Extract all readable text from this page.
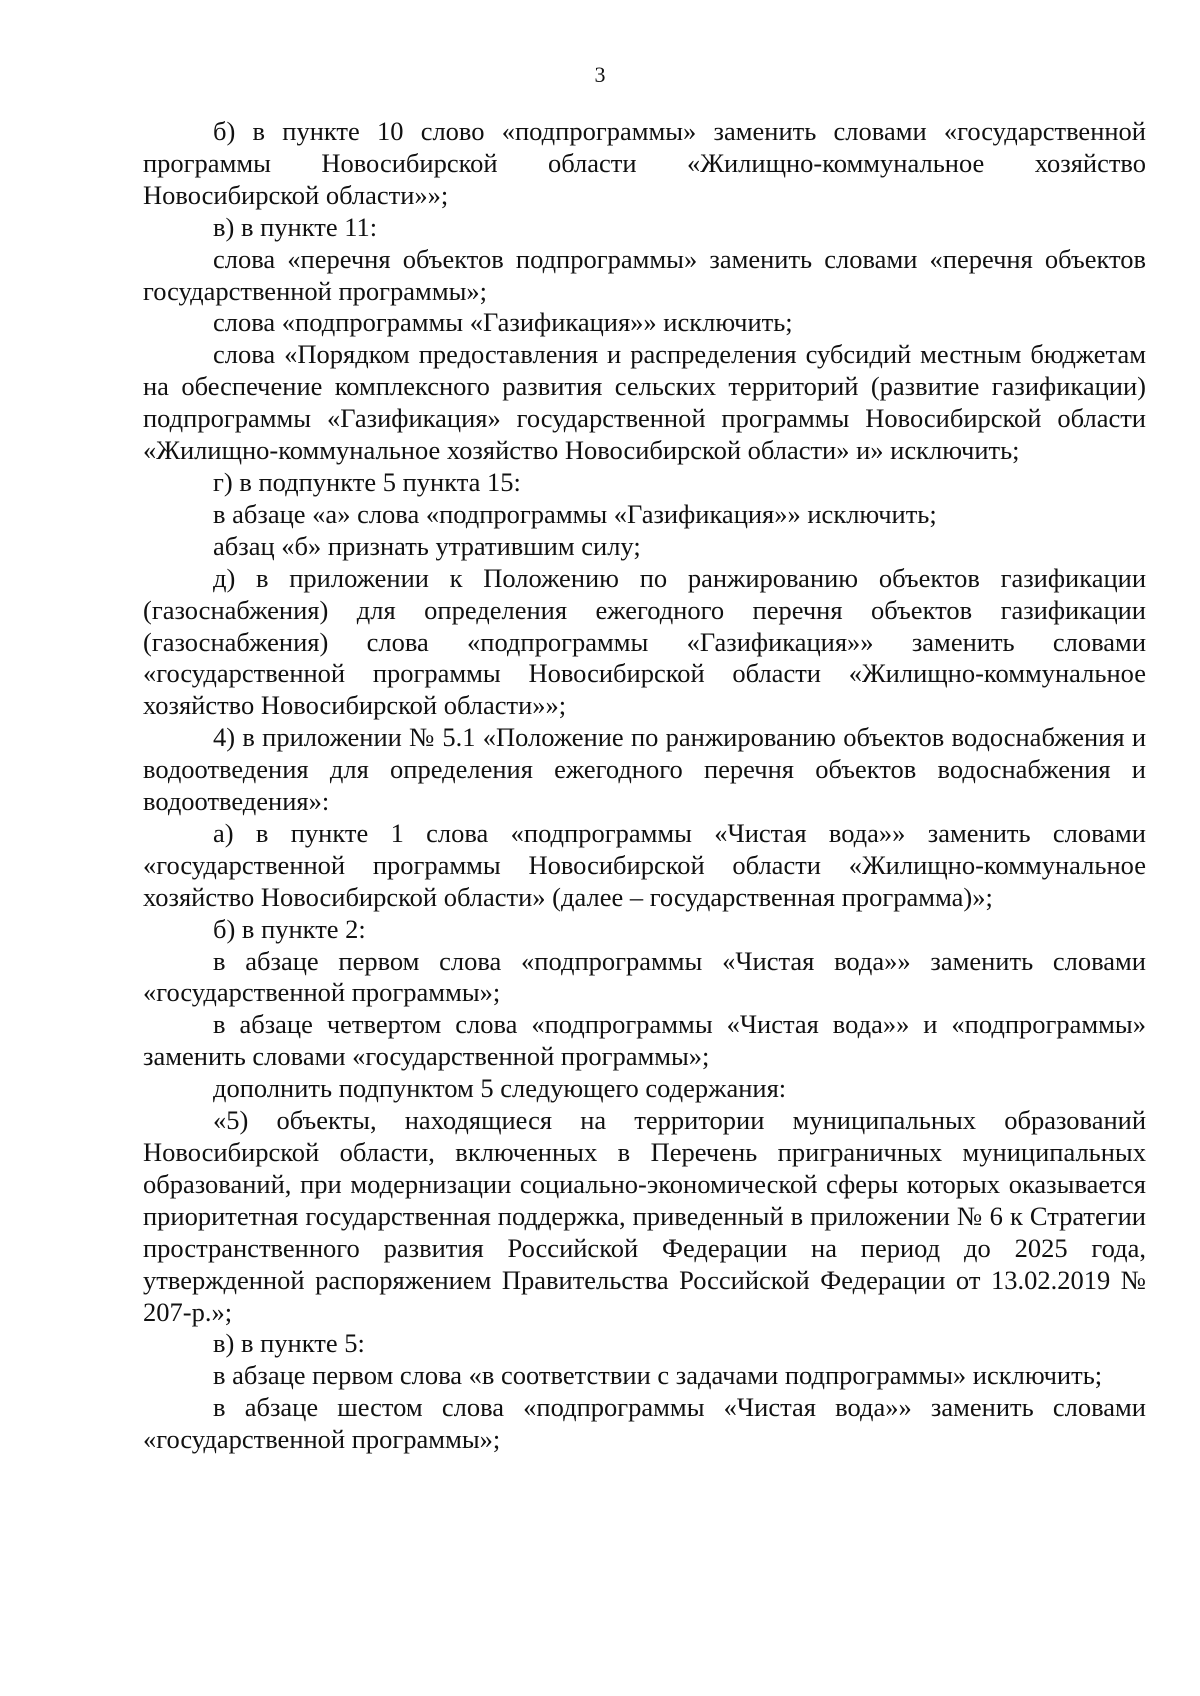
3

б) в пункте 10 слово «подпрограммы» заменить словами «государственной программы Новосибирской области «Жилищно-коммунальное хозяйство Новосибирской области»»;

в) в пункте 11:

слова «перечня объектов подпрограммы» заменить словами «перечня объектов государственной программы»;

слова «подпрограммы «Газификация»» исключить;

слова «Порядком предоставления и распределения субсидий местным бюджетам на обеспечение комплексного развития сельских территорий (развитие газификации) подпрограммы «Газификация» государственной программы Новосибирской области «Жилищно-коммунальное хозяйство Новосибирской области» и» исключить;

г) в подпункте 5 пункта 15:

в абзаце «а» слова «подпрограммы «Газификация»» исключить;

абзац «б» признать утратившим силу;

д) в приложении к Положению по ранжированию объектов газификации (газоснабжения) для определения ежегодного перечня объектов газификации (газоснабжения) слова «подпрограммы «Газификация»» заменить словами «государственной программы Новосибирской области «Жилищно-коммунальное хозяйство Новосибирской области»»;

4) в приложении № 5.1 «Положение по ранжированию объектов водоснабжения и водоотведения для определения ежегодного перечня объектов водоснабжения и водоотведения»:

а) в пункте 1 слова «подпрограммы «Чистая вода»» заменить словами «государственной программы Новосибирской области «Жилищно-коммунальное хозяйство Новосибирской области» (далее – государственная программа)»;

б) в пункте 2:

в абзаце первом слова «подпрограммы «Чистая вода»» заменить словами «государственной программы»;

в абзаце четвертом слова «подпрограммы «Чистая вода»» и «подпрограммы» заменить словами «государственной программы»;

дополнить подпунктом 5 следующего содержания:

«5) объекты, находящиеся на территории муниципальных образований Новосибирской области, включенных в Перечень приграничных муниципальных образований, при модернизации социально-экономической сферы которых оказывается приоритетная государственная поддержка, приведенный в приложении № 6 к Стратегии пространственного развития Российской Федерации на период до 2025 года, утвержденной распоряжением Правительства Российской Федерации от 13.02.2019 № 207-р.»;

в) в пункте 5:

в абзаце первом слова «в соответствии с задачами подпрограммы» исключить;

в абзаце шестом слова «подпрограммы «Чистая вода»» заменить словами «государственной программы»;
